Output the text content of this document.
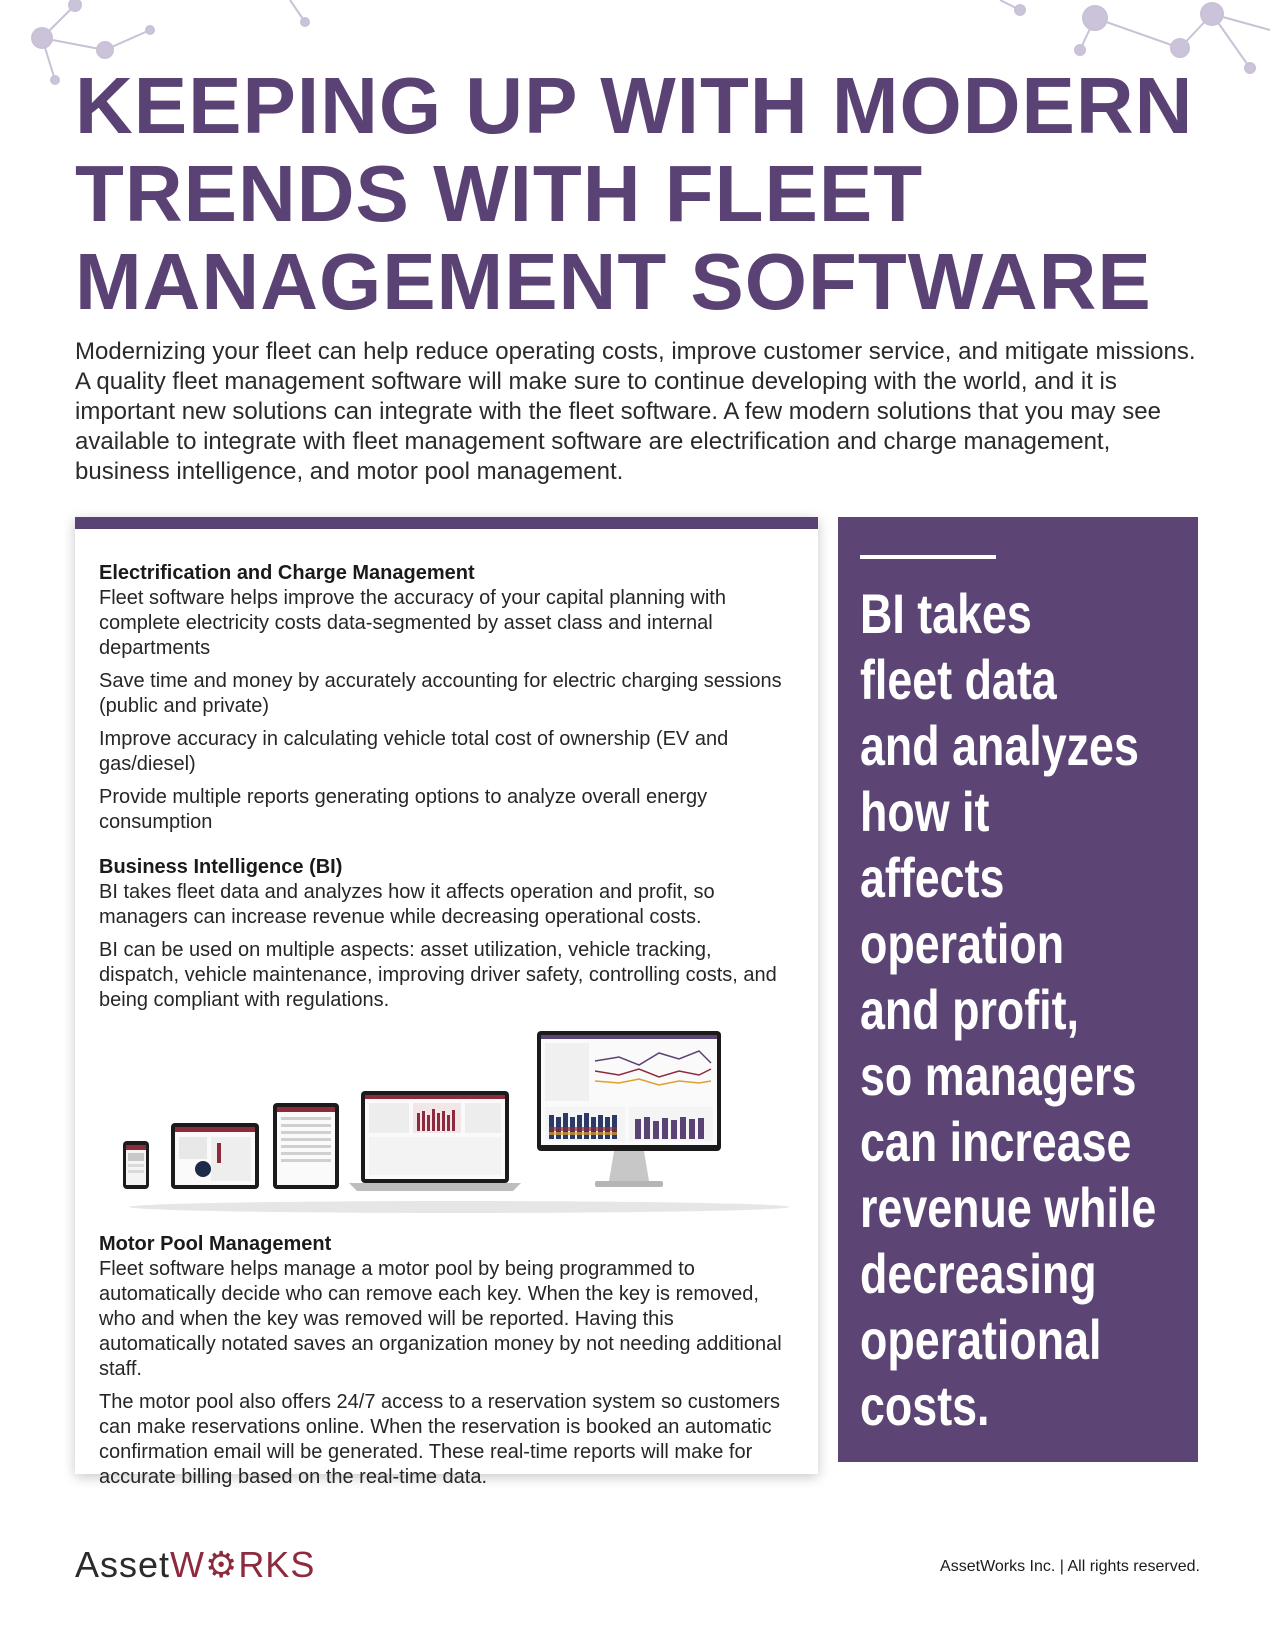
KEEPING UP WITH MODERN
TRENDS WITH FLEET
MANAGEMENT SOFTWARE

Modernizing your fleet can help reduce operating costs, improve customer service, and mitigate missions. A quality fleet management software will make sure to continue developing with the world, and it is important new solutions can integrate with the fleet software. A few modern solutions that you may see available to integrate with fleet management software are electrification and charge management, business intelligence, and motor pool management.

Electrification and Charge Management

Fleet software helps improve the accuracy of your capital planning with complete electricity costs data-segmented by asset class and internal departments

Save time and money by accurately accounting for electric charging sessions (public and private)

Improve accuracy in calculating vehicle total cost of ownership (EV and gas/diesel)

Provide multiple reports generating options to analyze overall energy consumption

Business Intelligence (BI)

BI takes fleet data and analyzes how it affects operation and profit, so managers can increase revenue while decreasing operational costs.

BI can be used on multiple aspects: asset utilization, vehicle tracking, dispatch, vehicle maintenance, improving driver safety, controlling costs, and being compliant with regulations.

Motor Pool Management

Fleet software helps manage a motor pool by being programmed to automatically decide who can remove each key. When the key is removed, who and when the key was removed will be reported. Having this automatically notated saves an organization money by not needing additional staff.

The motor pool also offers 24/7 access to a reservation system so customers can make reservations online. When the reservation is booked an automatic confirmation email will be generated. These real-time reports will make for accurate billing based on the real-time data.

BI takes
fleet data
and analyzes
how it
affects
operation
and profit,
so managers
can increase
revenue while
decreasing
operational
costs.

AssetW⚙RKS	AssetWorks Inc. | All rights reserved.
